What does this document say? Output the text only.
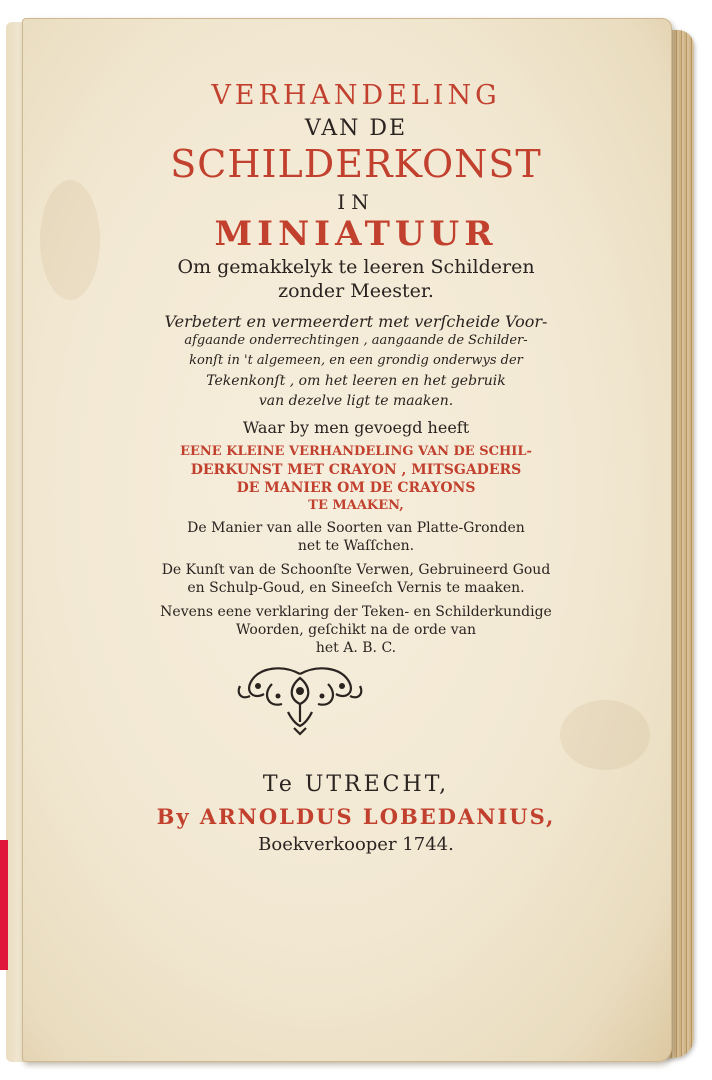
VERHANDELING
VAN DE
SCHILDERKONST
IN
MINIATUUR
Om gemakkelyk te leeren Schilderen
zonder Meester.
Verbetert en vermeerdert met verſcheide Voor-
afgaande onderrechtingen , aangaande de Schilder-
konſt in 't algemeen, en een grondig onderwys der
Tekenkonſt , om het leeren en het gebruik
van dezelve ligt te maaken.
Waar by men gevoegd heeft
EENE KLEINE VERHANDELING VAN DE SCHIL-
DERKUNST MET CRAYON , MITSGADERS
DE MANIER OM DE CRAYONS
TE MAAKEN,
De Manier van alle Soorten van Platte-Gronden
net te Waſſchen.
De Kunſt van de Schoonſte Verwen, Gebruineerd Goud
en Schulp-Goud, en Sineeſch Vernis te maaken.
Nevens eene verklaring der Teken- en Schilderkundige
Woorden, geſchikt na de orde van
het A. B. C.
Te UTRECHT,
By ARNOLDUS LOBEDANIUS,
Boekverkooper 1744.
